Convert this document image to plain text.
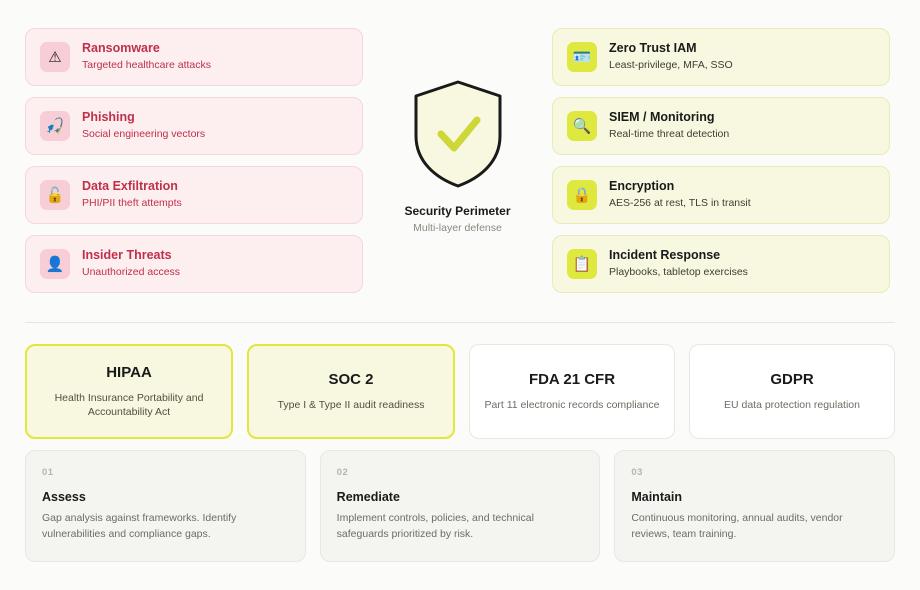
⚠
Ransomware
Targeted healthcare attacks
🎣
Phishing
Social engineering vectors
🔓
Data Exfiltration
PHI/PII theft attempts
👤
Insider Threats
Unauthorized access
Security Perimeter
Multi-layer defense
🪪
Zero Trust IAM
Least-privilege, MFA, SSO
🔍
SIEM / Monitoring
Real-time threat detection
🔒
Encryption
AES-256 at rest, TLS in transit
📋
Incident Response
Playbooks, tabletop exercises
HIPAA
Health Insurance Portability and Accountability Act
SOC 2
Type I & Type II audit readiness
FDA 21 CFR
Part 11 electronic records compliance
GDPR
EU data protection regulation
01
Assess
Gap analysis against frameworks. Identify vulnerabilities and compliance gaps.
02
Remediate
Implement controls, policies, and technical safeguards prioritized by risk.
03
Maintain
Continuous monitoring, annual audits, vendor reviews, team training.
